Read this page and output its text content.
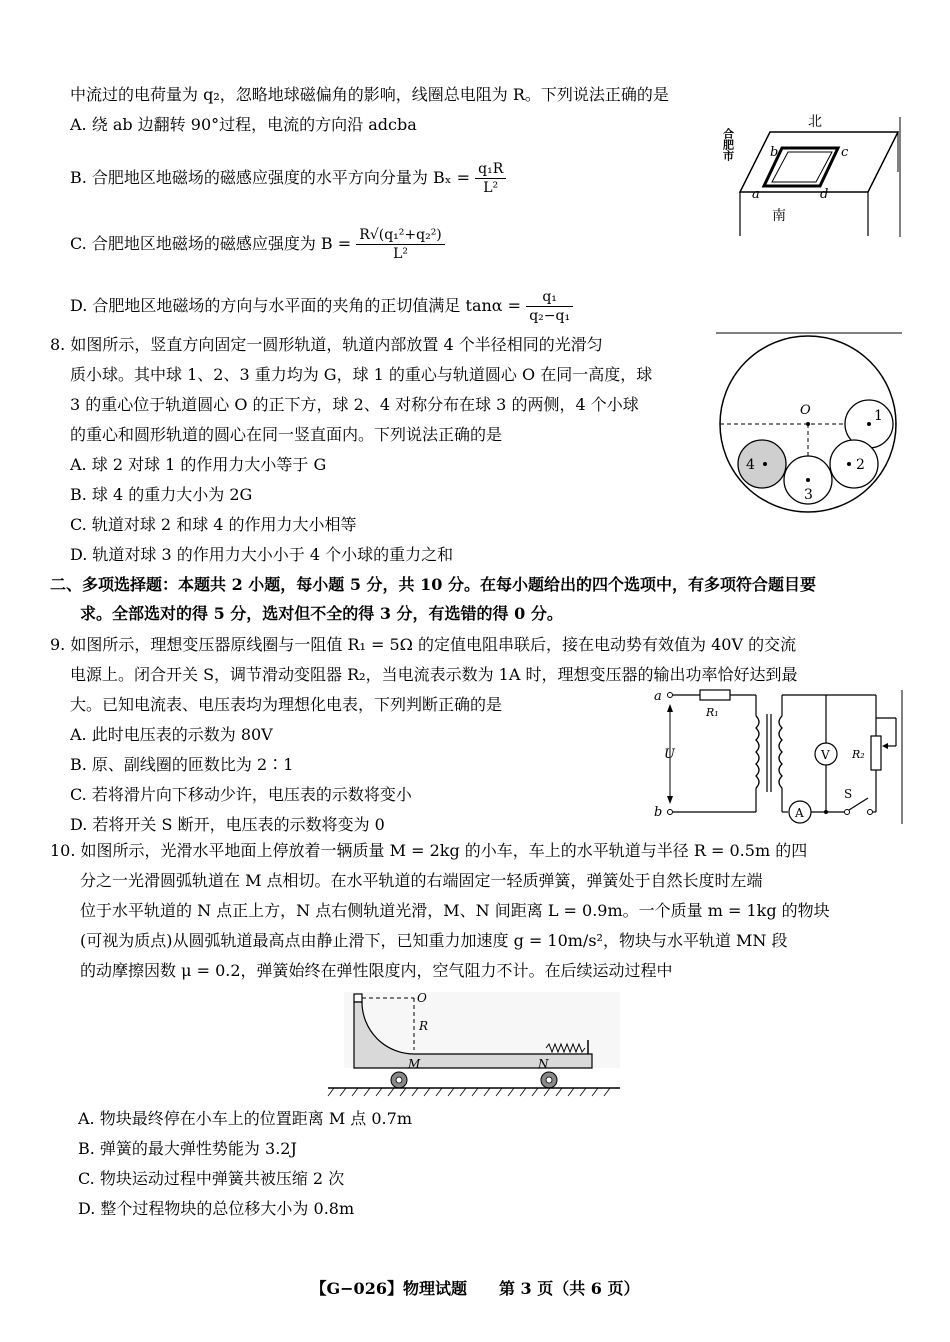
中流过的电荷量为 q₂，忽略地球磁偏角的影响，线圈总电阻为 R。下列说法正确的是
A. 绕 ab 边翻转 90°过程，电流的方向沿 adcba
B. 合肥地区地磁场的磁感应强度的水平方向分量为 $B_x = \frac{\text{q₁R}}{\text{L²}}$
C. 合肥地区地磁场的磁感应强度为 $B = \frac{\text{R√(q₁²+q₂²)}}{\text{L²}}$
D. 合肥地区地磁场的方向与水平面的夹角的正切值满足 $\tan\alpha = \frac{\text{q₁}}{\text{q₂−q₁}}$
北
合肥市	b	c
a	d
南
8. 如图所示，竖直方向固定一圆形轨道，轨道内部放置 4 个半径相同的光滑匀
质小球。其中球 1、2、3 重力均为 G，球 1 的重心与轨道圆心 O 在同一高度，球
3 的重心位于轨道圆心 O 的正下方，球 2、4 对称分布在球 3 的两侧，4 个小球
的重心和圆形轨道的圆心在同一竖直面内。下列说法正确的是
A. 球 2 对球 1 的作用力大小等于 G
B. 球 4 的重力大小为 2G
C. 轨道对球 2 和球 4 的作用力大小相等
D. 轨道对球 3 的作用力大小小于 4 个小球的重力之和
O	1
2
3
4
二、多项选择题：本题共 2 小题，每小题 5 分，共 10 分。在每小题给出的四个选项中，有多项符合题目要
求。全部选对的得 5 分，选对但不全的得 3 分，有选错的得 0 分。
9. 如图所示，理想变压器原线圈与一阻值 R₁ = 5Ω 的定值电阻串联后，接在电动势有效值为 40V 的交流
电源上。闭合开关 S，调节滑动变阻器 R₂，当电流表示数为 1A 时，理想变压器的输出功率恰好达到最
大。已知电流表、电压表均为理想化电表，下列判断正确的是
A. 此时电压表的示数为 80V
B. 原、副线圈的匝数比为 2∶1
C. 若将滑片向下移动少许，电压表的示数将变小
D. 若将开关 S 断开，电压表的示数将变为 0
a
b
U
R₁
A
V
S
R₂
10. 如图所示，光滑水平地面上停放着一辆质量 M = 2kg 的小车，车上的水平轨道与半径 R = 0.5m 的四
分之一光滑圆弧轨道在 M 点相切。在水平轨道的右端固定一轻质弹簧，弹簧处于自然长度时左端
位于水平轨道的 N 点正上方，N 点右侧轨道光滑，M、N 间距离 L = 0.9m。一个质量 m = 1kg 的物块
(可视为质点)从圆弧轨道最高点由静止滑下，已知重力加速度 g = 10m/s²，物块与水平轨道 MN 段
的动摩擦因数 μ = 0.2，弹簧始终在弹性限度内，空气阻力不计。在后续运动过程中
O
R
M	N
A. 物块最终停在小车上的位置距离 M 点 0.7m
B. 弹簧的最大弹性势能为 3.2J
C. 物块运动过程中弹簧共被压缩 2 次
D. 整个过程物块的总位移大小为 0.8m
【G−026】物理试题　　第 3 页（共 6 页）
